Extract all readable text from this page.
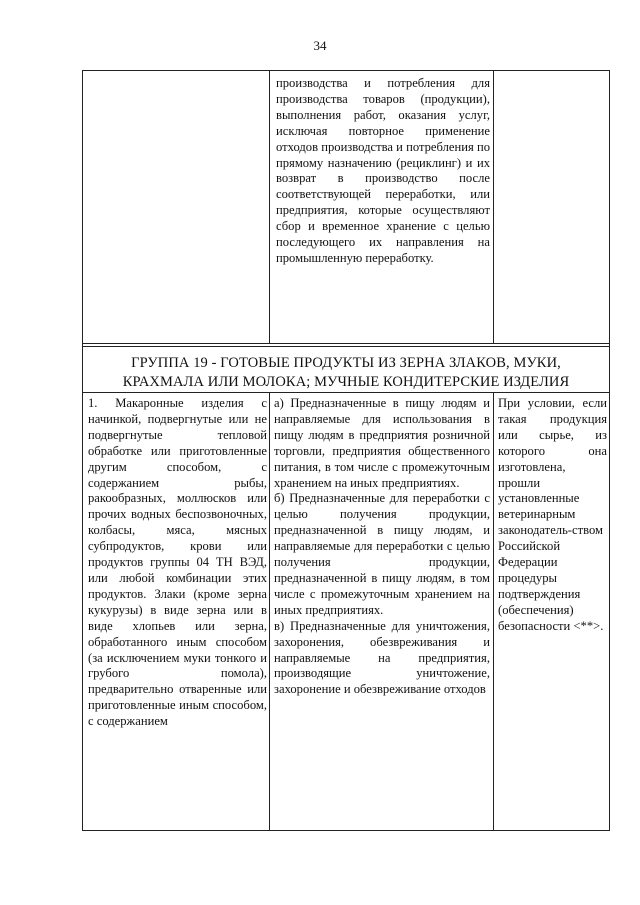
34

производства и потребления для производства товаров (продукции), выполнения работ, оказания услуг, исключая повторное применение отходов производства и потребления по прямому назначению (рециклинг) и их возврат в производство после соответствующей переработки, или предприятия, которые осуществляют сбор и временное хранение с целью последующего их направления на промышленную переработку.

ГРУППА 19 - ГОТОВЫЕ ПРОДУКТЫ ИЗ ЗЕРНА ЗЛАКОВ, МУКИ,
КРАХМАЛА ИЛИ МОЛОКА; МУЧНЫЕ КОНДИТЕРСКИЕ ИЗДЕЛИЯ

1. Макаронные изделия с начинкой, подвергнутые или не подвергнутые тепловой обработке или приготовленные другим способом, с содержанием рыбы, ракообразных, моллюсков или прочих водных беспозвоночных, колбасы, мяса, мясных субпродуктов, крови или продуктов группы 04 ТН ВЭД, или любой комбинации этих продуктов. Злаки (кроме зерна кукурузы) в виде зерна или в виде хлопьев или зерна, обработанного иным способом (за исключением муки тонкого и грубого помола), предварительно отваренные или приготовленные иным способом, с содержанием

а) Предназначенные в пищу людям и направляемые для использования в пищу людям в предприятия розничной торговли, предприятия общественного питания, в том числе с промежуточным хранением на иных предприятиях.

б) Предназначенные для переработки с целью получения продукции, предназначенной в пищу людям, и направляемые для переработки с целью получения продукции, предназначенной в пищу людям, в том числе с промежуточным хранением на иных предприятиях.

в) Предназначенные для уничтожения, захоронения, обезвреживания и направляемые на предприятия, производящие уничтожение, захоронение и обезвреживание отходов

При условии, если такая продукция или сырье, из которого она изготовлена, прошли установленные ветеринарным законодатель-ством Российской Федерации процедуры подтверждения (обеспечения) безопасности <**>.
